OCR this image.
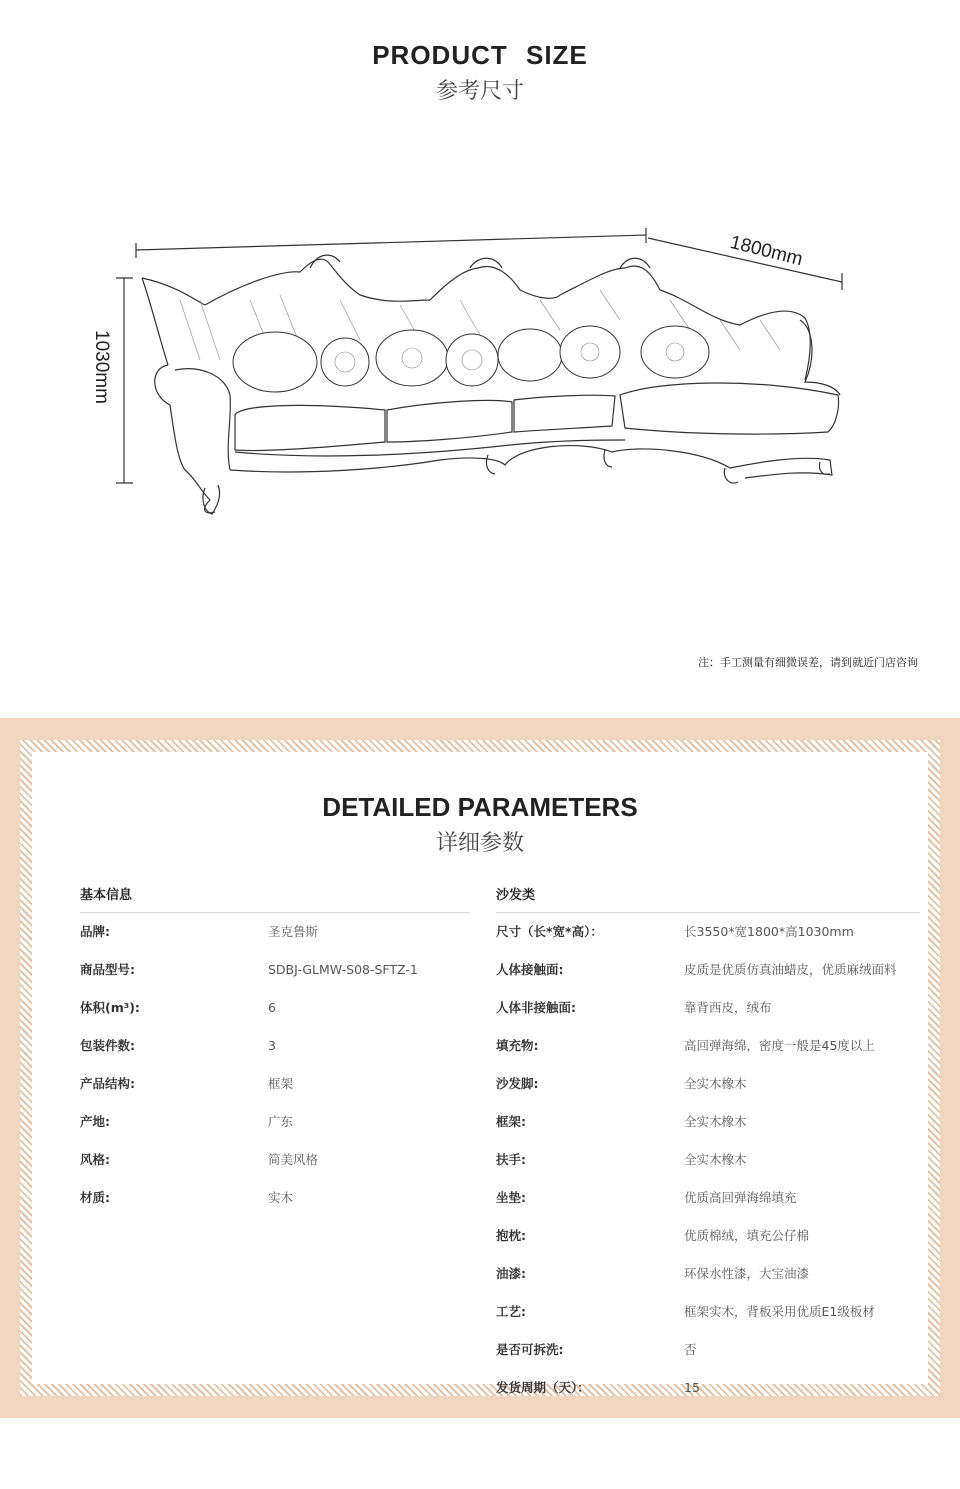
PRODUCT SIZE
参考尺寸
1800mm
1030mm
注：手工测量有细微误差，请到就近门店咨询
DETAILED PARAMETERS
详细参数
基本信息
品牌:	圣克鲁斯
商品型号:	SDBJ-GLMW-S08-SFTZ-1
体积(m³):	6
包装件数:	3
产品结构:	框架
产地:	广东
风格:	简美风格
材质:	实木
沙发类
尺寸（长*宽*高）：	长3550*宽1800*高1030mm
人体接触面:	皮质是优质仿真油蜡皮，优质麻绒面料
人体非接触面:	靠背西皮，绒布
填充物:	高回弹海绵，密度一般是45度以上
沙发脚:	全实木橡木
框架:	全实木橡木
扶手:	全实木橡木
坐垫:	优质高回弹海绵填充
抱枕:	优质棉绒，填充公仔棉
油漆:	环保水性漆，大宝油漆
工艺:	框架实木，背板采用优质E1级板材
是否可拆洗:	否
发货周期（天）：	15
